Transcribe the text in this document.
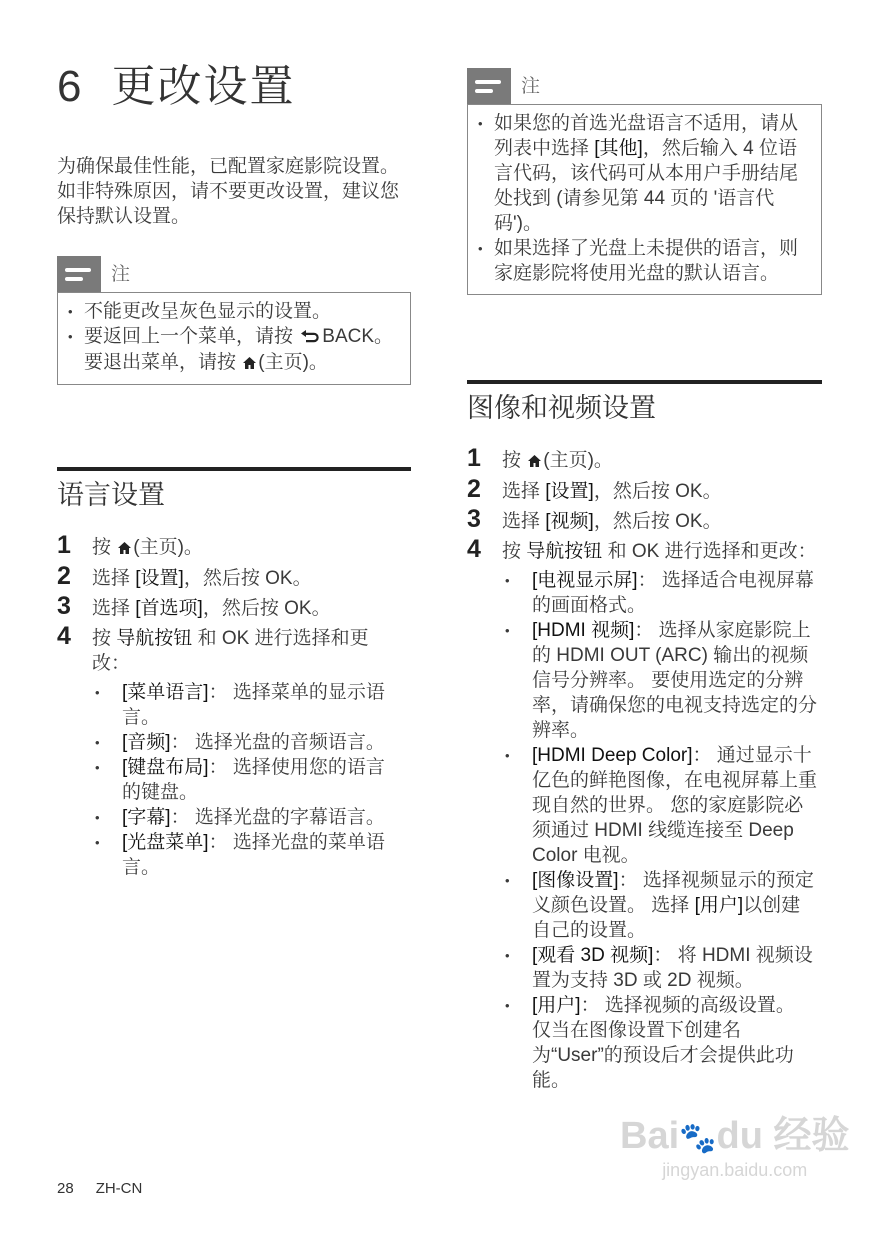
6 更改设置
为确保最佳性能，已配置家庭影院设置。 如非特殊原因，请不要更改设置，建议您保持默认设置。
注
• 不能更改呈灰色显示的设置。
• 要返回上一个菜单，请按 BACK。 要退出菜单，请按 (主页)。
注
• 如果您的首选光盘语言不适用，请从列表中选择 [其他]，然后输入 4 位语言代码，该代码可从本用户手册结尾处找到 (请参见第 44 页的 '语言代码')。
• 如果选择了光盘上未提供的语言，则家庭影院将使用光盘的默认语言。
语言设置
1 按 (主页)。
2 选择 [设置]，然后按 OK。
3 选择 [首选项]，然后按 OK。
4 按 导航按钮 和 OK 进行选择和更改：
• [菜单语言]： 选择菜单的显示语言。
• [音频]： 选择光盘的音频语言。
• [键盘布局]： 选择使用您的语言的键盘。
• [字幕]： 选择光盘的字幕语言。
• [光盘菜单]： 选择光盘的菜单语言。
图像和视频设置
1 按 (主页)。
2 选择 [设置]，然后按 OK。
3 选择 [视频]，然后按 OK。
4 按 导航按钮 和 OK 进行选择和更改：
• [电视显示屏]： 选择适合电视屏幕的画面格式。
• [HDMI 视频]： 选择从家庭影院上的 HDMI OUT (ARC) 输出的视频信号分辨率。 要使用选定的分辨率，请确保您的电视支持选定的分辨率。
• [HDMI Deep Color]： 通过显示十亿色的鲜艳图像，在电视屏幕上重现自然的世界。 您的家庭影院必须通过 HDMI 线缆连接至 Deep Color 电视。
• [图像设置]： 选择视频显示的预定义颜色设置。 选择 [用户]以创建自己的设置。
• [观看 3D 视频]： 将 HDMI 视频设置为支持 3D 或 2D 视频。
• [用户]： 选择视频的高级设置。 仅当在图像设置下创建名为“User”的预设后才会提供此功能。
28 ZH-CN
Bai🐾du 经验
jingyan.baidu.com
